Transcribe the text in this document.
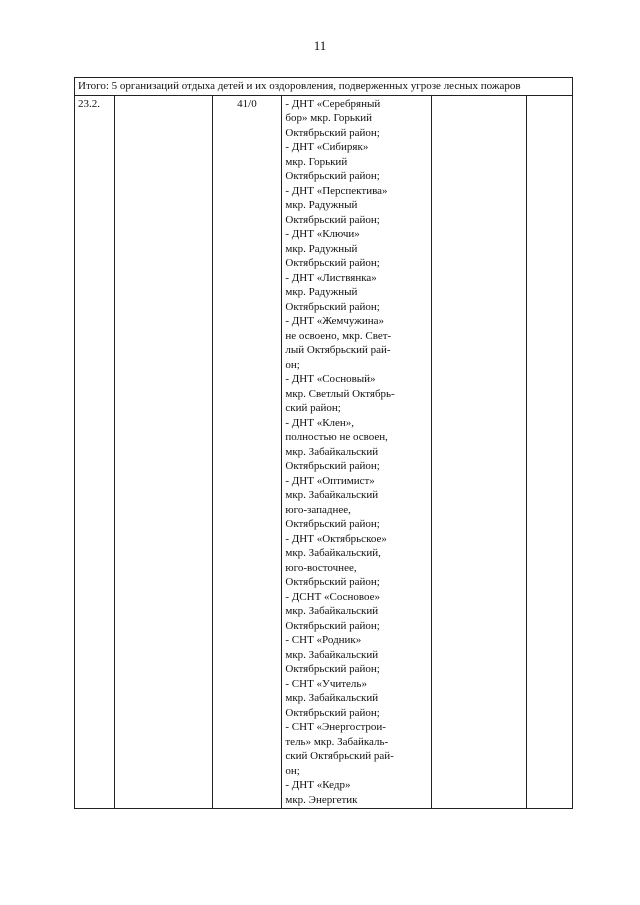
11
Итого: 5 организаций отдыха детей и их оздоровления, подверженных угрозе лесных пожаров
23.2.		41/0	- ДНТ «Серебряный
бор» мкр. Горький
Октябрьский район;
- ДНТ «Сибиряк»
мкр. Горький
Октябрьский район;
- ДНТ «Перспектива»
мкр. Радужный
Октябрьский район;
- ДНТ «Ключи»
мкр. Радужный
Октябрьский район;
- ДНТ «Листвянка»
мкр. Радужный
Октябрьский район;
- ДНТ «Жемчужина»
не освоено, мкр. Свет-
лый Октябрьский рай-
он;
- ДНТ «Сосновый»
мкр. Светлый Октябрь-
ский район;
- ДНТ «Клен»,
полностью не освоен,
мкр. Забайкальский
Октябрьский район;
- ДНТ «Оптимист»
мкр. Забайкальский
юго-западнее,
Октябрьский район;
- ДНТ «Октябрьское»
мкр. Забайкальский,
юго-восточнее,
Октябрьский район;
- ДСНТ «Сосновое»
мкр. Забайкальский
Октябрьский район;
- СНТ «Родник»
мкр. Забайкальский
Октябрьский район;
- СНТ «Учитель»
мкр. Забайкальский
Октябрьский район;
- СНТ «Энергострои-
тель» мкр. Забайкаль-
ский Октябрьский рай-
он;
- ДНТ «Кедр»
мкр. Энергетик
